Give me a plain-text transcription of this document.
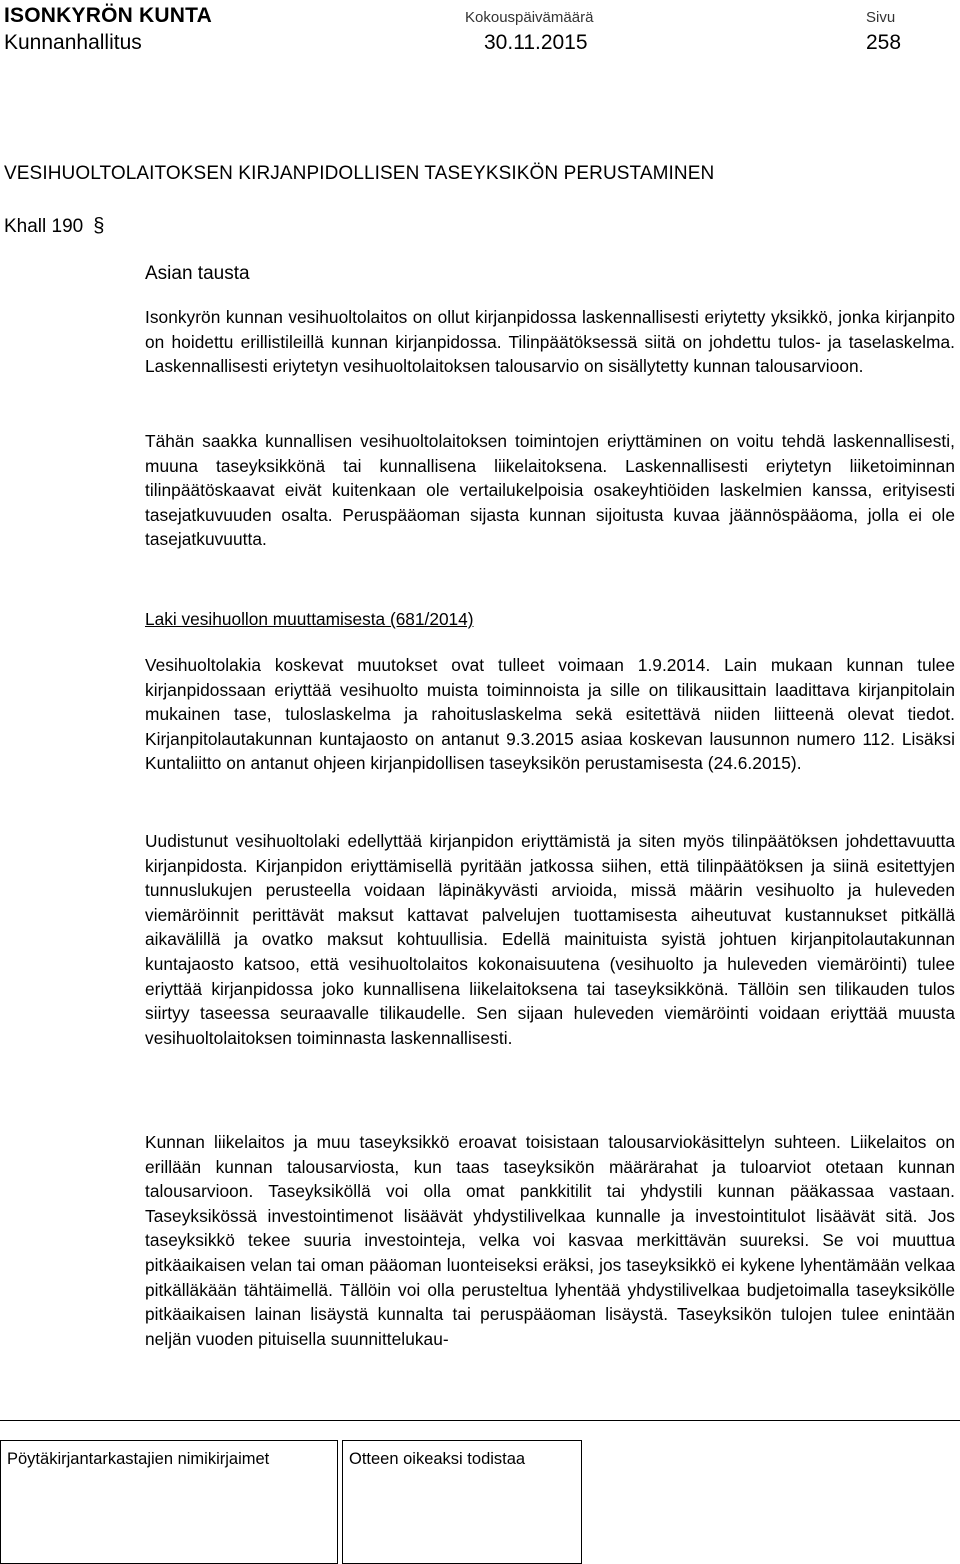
ISONKYRÖN KUNTA
Kunnanhallitus
Kokouspäivämäärä
30.11.2015
Sivu
258
VESIHUOLTOLAITOKSEN KIRJANPIDOLLISEN TASEYKSIKÖN PERUSTAMINEN
Khall 190 §
Asian tausta

Isonkyrön kunnan vesihuoltolaitos on ollut kirjanpidossa laskennallisesti eriytetty yksikkö, jonka kirjanpito on hoidettu erillistileillä kunnan kirjanpidossa. Tilinpäätöksessä siitä on johdettu tulos- ja taselaskelma. Laskennallisesti eriytetyn vesihuoltolaitoksen talousarvio on sisällytetty kunnan talousarvioon.

Tähän saakka kunnallisen vesihuoltolaitoksen toimintojen eriyttäminen on voitu tehdä laskennallisesti, muuna taseyksikkönä tai kunnallisena liikelaitoksena. Laskennallisesti eriytetyn liiketoiminnan tilinpäätöskaavat eivät kuitenkaan ole vertailukelpoisia osakeyhtiöiden laskelmien kanssa, erityisesti tasejatkuvuuden osalta. Peruspääoman sijasta kunnan sijoitusta kuvaa jäännöspääoma, jolla ei ole tasejatkuvuutta.

Laki vesihuollon muuttamisesta (681/2014)

Vesihuoltolakia koskevat muutokset ovat tulleet voimaan 1.9.2014. Lain mukaan kunnan tulee kirjanpidossaan eriyttää vesihuolto muista toiminnoista ja sille on tilikausittain laadittava kirjanpitolain mukainen tase, tuloslaskelma ja rahoituslaskelma sekä esitettävä niiden liitteenä olevat tiedot. Kirjanpitolautakunnan kuntajaosto on antanut 9.3.2015 asiaa koskevan lausunnon numero 112. Lisäksi Kuntaliitto on antanut ohjeen kirjanpidollisen taseyksikön perustamisesta (24.6.2015).

Uudistunut vesihuoltolaki edellyttää kirjanpidon eriyttämistä ja siten myös tilinpäätöksen johdettavuutta kirjanpidosta. Kirjanpidon eriyttämisellä pyritään jatkossa siihen, että tilinpäätöksen ja siinä esitettyjen tunnuslukujen perusteella voidaan läpinäkyvästi arvioida, missä määrin vesihuolto ja huleveden viemäröinnit perittävät maksut kattavat palvelujen tuottamisesta aiheutuvat kustannukset pitkällä aikavälillä ja ovatko maksut kohtuullisia. Edellä mainituista syistä johtuen kirjanpitolautakunnan kuntajaosto katsoo, että vesihuoltolaitos kokonaisuutena (vesihuolto ja huleveden viemäröinti) tulee eriyttää kirjanpidossa joko kunnallisena liikelaitoksena tai taseyksikkönä. Tällöin sen tilikauden tulos siirtyy taseessa seuraavalle tilikaudelle. Sen sijaan huleveden viemäröinti voidaan eriyttää muusta vesihuoltolaitoksen toiminnasta laskennallisesti.

Kunnan liikelaitos ja muu taseyksikkö eroavat toisistaan talousarviokäsittelyn suhteen. Liikelaitos on erillään kunnan talousarviosta, kun taas taseyksikön määrärahat ja tuloarviot otetaan kunnan talousarvioon. Taseyksiköllä voi olla omat pankkitilit tai yhdystili kunnan pääkassaa vastaan. Taseyksikössä investointimenot lisäävät yhdystilivelkaa kunnalle ja investointitulot lisäävät sitä. Jos taseyksikkö tekee suuria investointeja, velka voi kasvaa merkittävän suureksi. Se voi muuttua pitkäaikaisen velan tai oman pääoman luonteiseksi eräksi, jos taseyksikkö ei kykene lyhentämään velkaa pitkälläkään tähtäimellä. Tällöin voi olla perusteltua lyhentää yhdystilivelkaa budjetoimalla taseyksikölle pitkäaikaisen lainan lisäystä kunnalta tai peruspääoman lisäystä. Taseyksikön tulojen tulee enintään neljän vuoden pituisella suunnittelukau-

Pöytäkirjantarkastajien nimikirjaimet	Otteen oikeaksi todistaa
